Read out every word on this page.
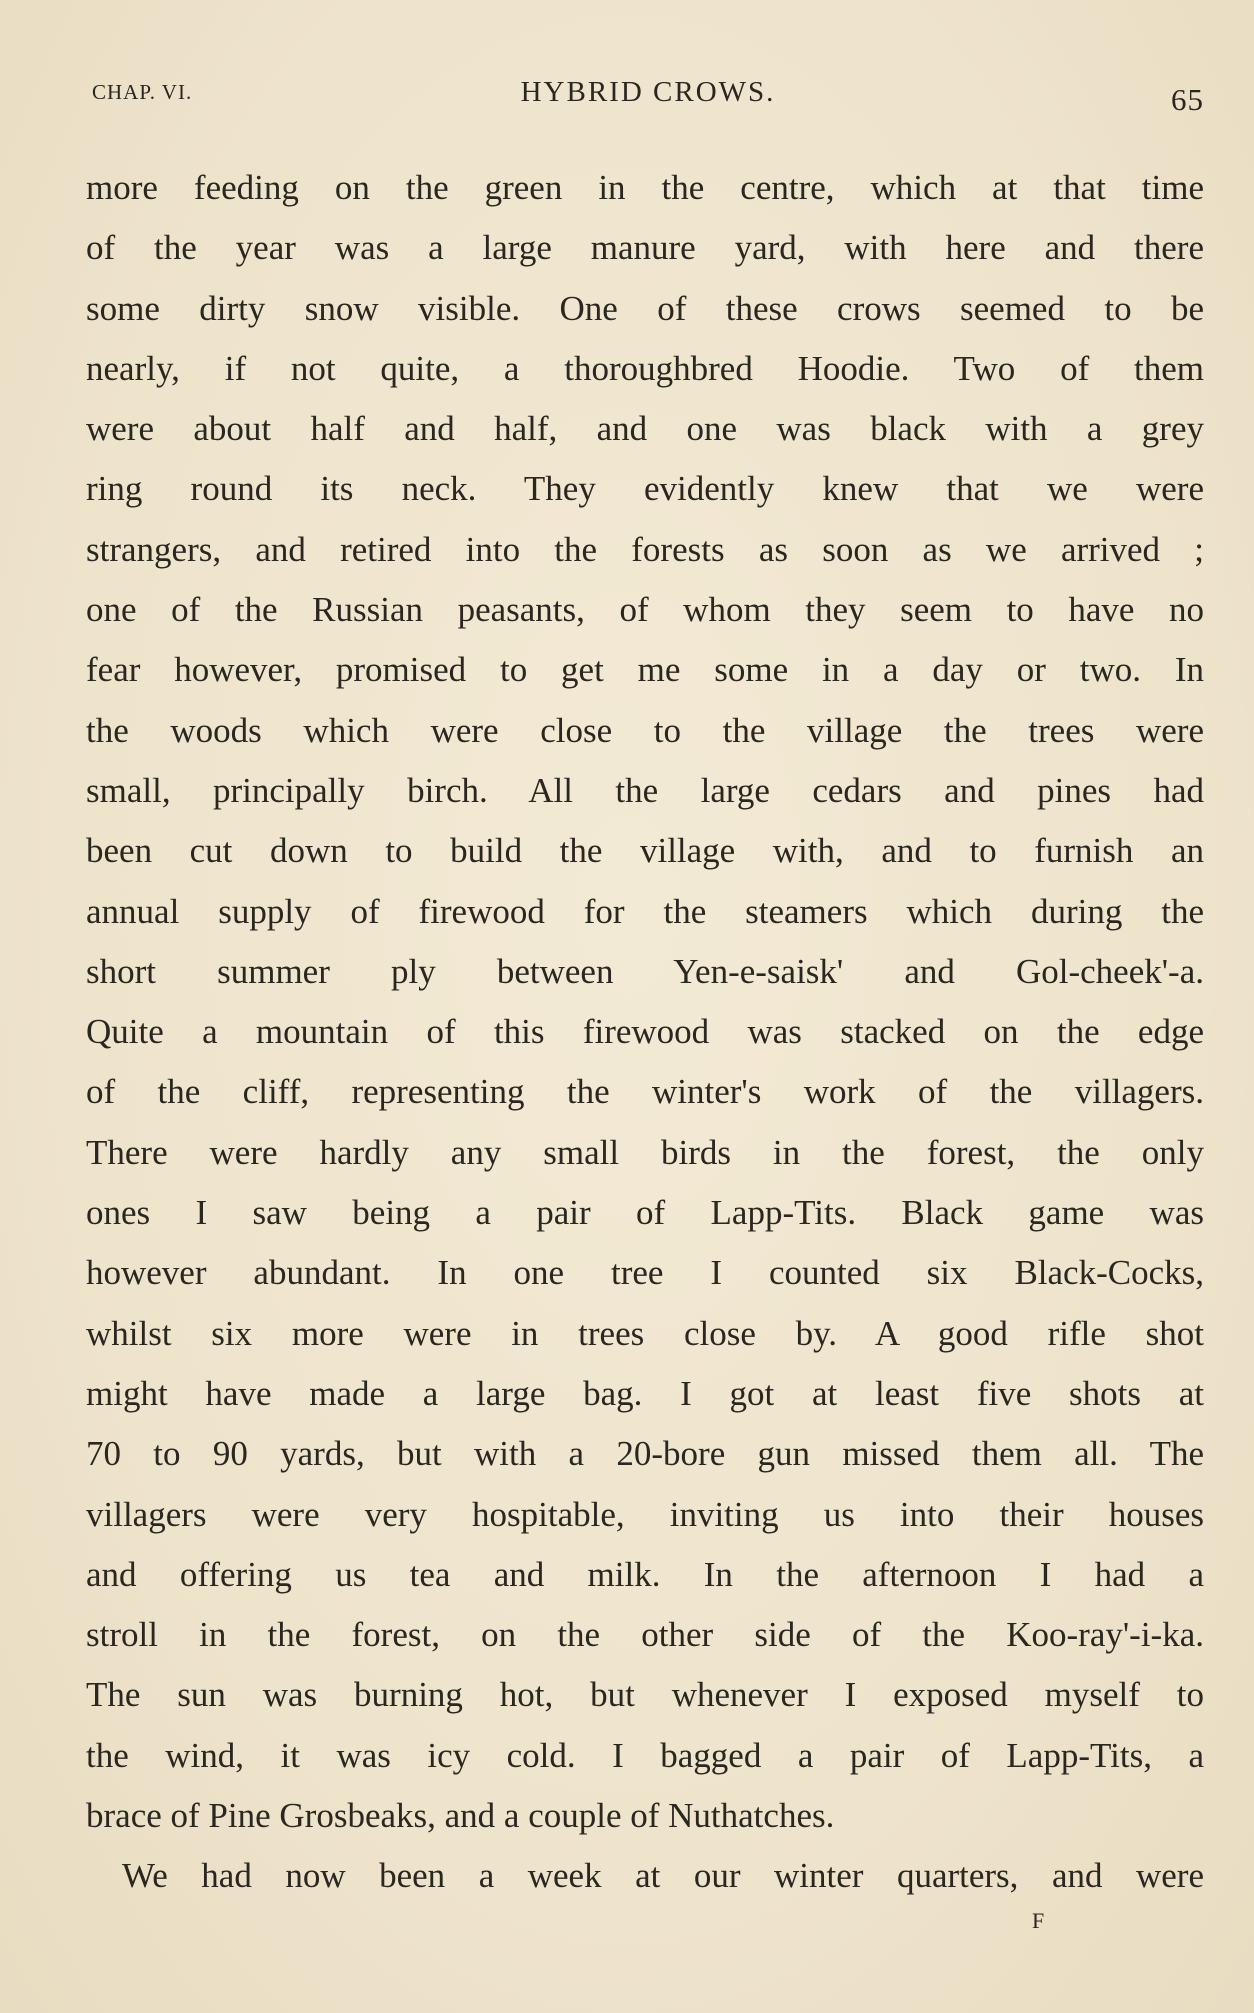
CHAP. VI.	HYBRID CROWS.	65
more feeding on the green in the centre, which at that time
of the year was a large manure yard, with here and there
some dirty snow visible. One of these crows seemed to be
nearly, if not quite, a thoroughbred Hoodie. Two of them
were about half and half, and one was black with a grey
ring round its neck. They evidently knew that we were
strangers, and retired into the forests as soon as we arrived ;
one of the Russian peasants, of whom they seem to have no
fear however, promised to get me some in a day or two. In
the woods which were close to the village the trees were
small, principally birch. All the large cedars and pines had
been cut down to build the village with, and to furnish an
annual supply of firewood for the steamers which during the
short summer ply between Yen-e-saisk' and Gol-cheek'-a.
Quite a mountain of this firewood was stacked on the edge
of the cliff, representing the winter's work of the villagers.
There were hardly any small birds in the forest, the only
ones I saw being a pair of Lapp-Tits. Black game was
however abundant. In one tree I counted six Black-Cocks,
whilst six more were in trees close by. A good rifle shot
might have made a large bag. I got at least five shots at
70 to 90 yards, but with a 20-bore gun missed them all. The
villagers were very hospitable, inviting us into their houses
and offering us tea and milk. In the afternoon I had a
stroll in the forest, on the other side of the Koo-ray'-i-ka.
The sun was burning hot, but whenever I exposed myself to
the wind, it was icy cold. I bagged a pair of Lapp-Tits, a
brace of Pine Grosbeaks, and a couple of Nuthatches.
We had now been a week at our winter quarters, and were
F
